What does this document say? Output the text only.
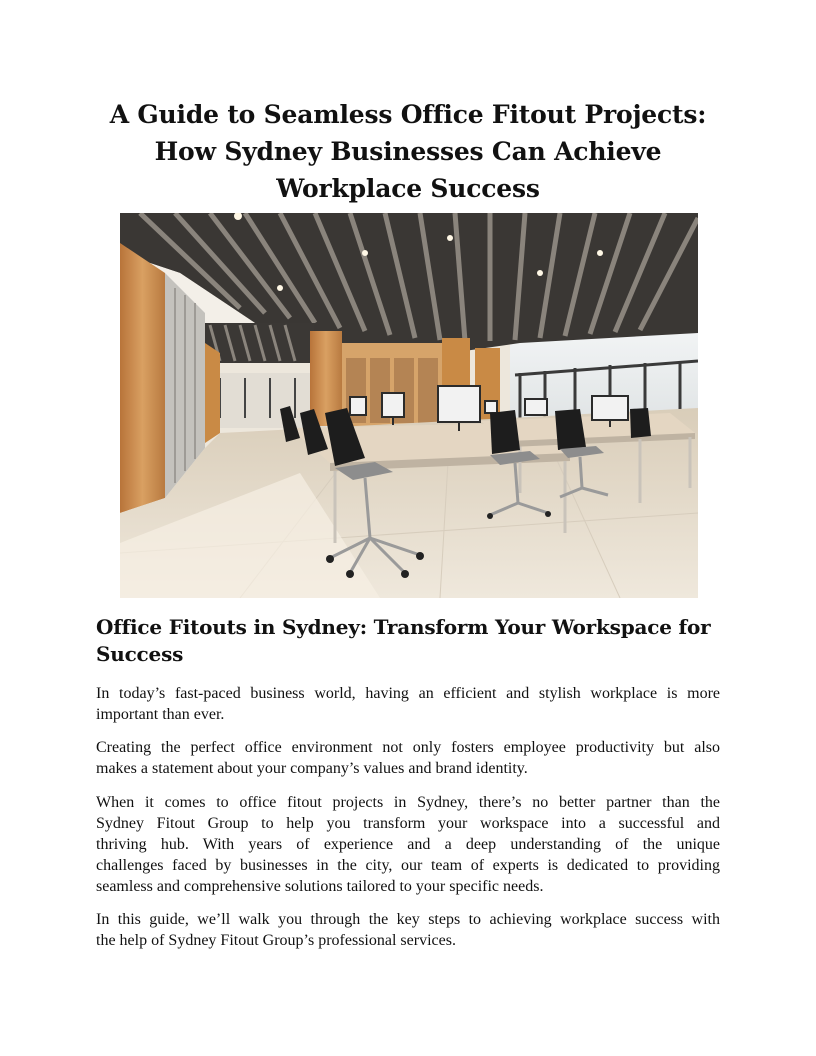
A Guide to Seamless Office Fitout Projects:
How Sydney Businesses Can Achieve
Workplace Success
Office Fitouts in Sydney: Transform Your Workspace for
Success

In today’s fast-paced business world, having an efficient and stylish workplace is more
important than ever.

Creating the perfect office environment not only fosters employee productivity but also
makes a statement about your company’s values and brand identity.

When it comes to office fitout projects in Sydney, there’s no better partner than the
Sydney Fitout Group to help you transform your workspace into a successful and
thriving hub. With years of experience and a deep understanding of the unique
challenges faced by businesses in the city, our team of experts is dedicated to providing
seamless and comprehensive solutions tailored to your specific needs.

In this guide, we’ll walk you through the key steps to achieving workplace success with
the help of Sydney Fitout Group’s professional services.
